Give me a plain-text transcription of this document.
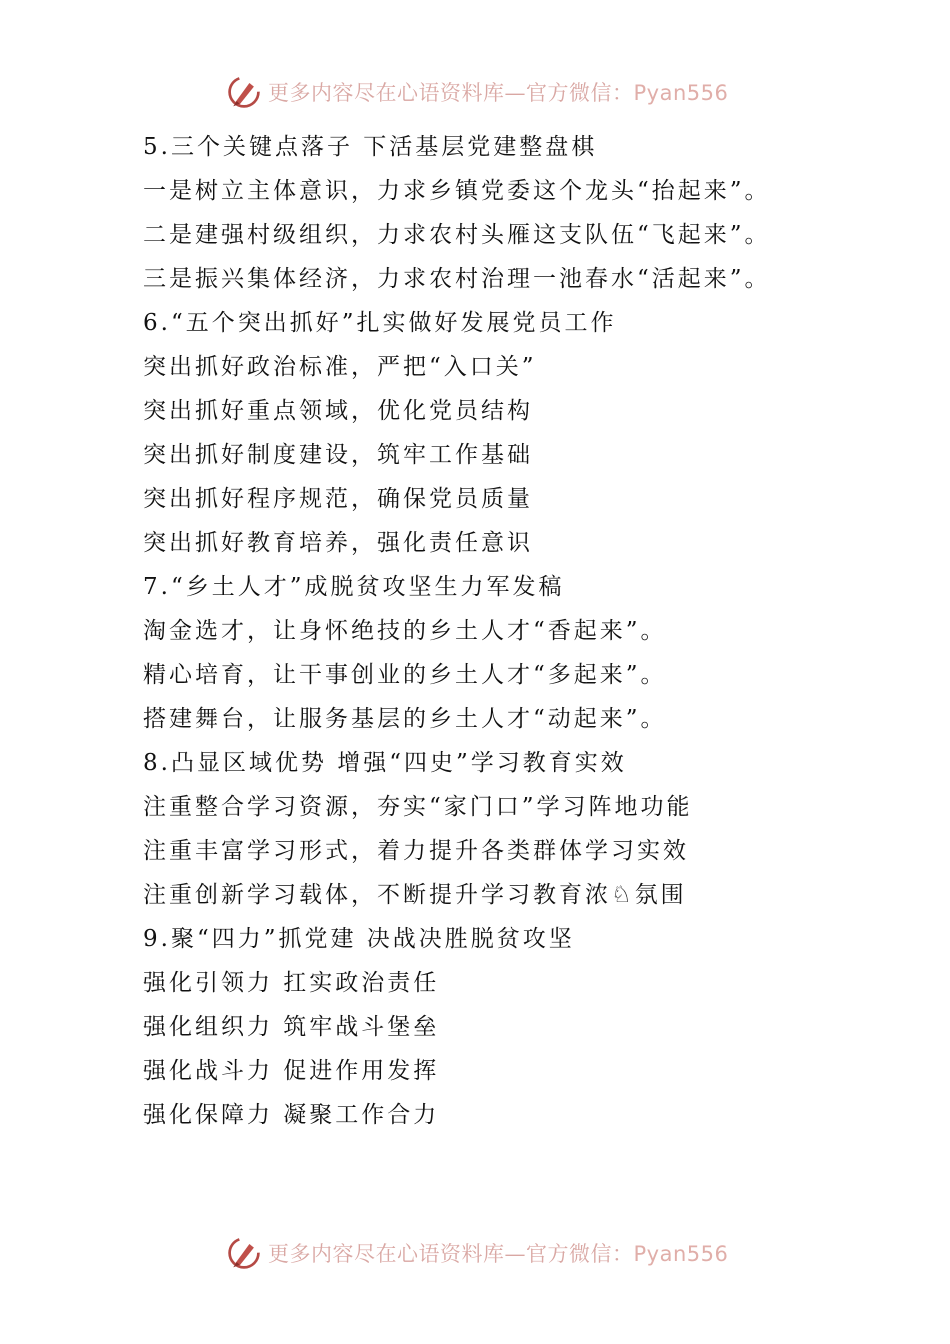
更多内容尽在心语资料库—官方微信：Pyan556
5.三个关键点落子 下活基层党建整盘棋
一是树立主体意识，力求乡镇党委这个龙头“抬起来”。
二是建强村级组织，力求农村头雁这支队伍“飞起来”。
三是振兴集体经济，力求农村治理一池春水“活起来”。
6.“五个突出抓好”扎实做好发展党员工作
突出抓好政治标准，严把“入口关”
突出抓好重点领域，优化党员结构
突出抓好制度建设，筑牢工作基础
突出抓好程序规范，确保党员质量
突出抓好教育培养，强化责任意识
7.“乡土人才”成脱贫攻坚生力军发稿
淘金选才，让身怀绝技的乡土人才“香起来”。
精心培育，让干事创业的乡土人才“多起来”。
搭建舞台，让服务基层的乡土人才“动起来”。
8.凸显区域优势 增强“四史”学习教育实效
注重整合学习资源，夯实“家门口”学习阵地功能
注重丰富学习形式，着力提升各类群体学习实效
注重创新学习载体，不断提升学习教育浓♘氛围
9.聚“四力”抓党建 决战决胜脱贫攻坚
强化引领力 扛实政治责任
强化组织力 筑牢战斗堡垒
强化战斗力 促进作用发挥
强化保障力 凝聚工作合力
更多内容尽在心语资料库—官方微信：Pyan556
